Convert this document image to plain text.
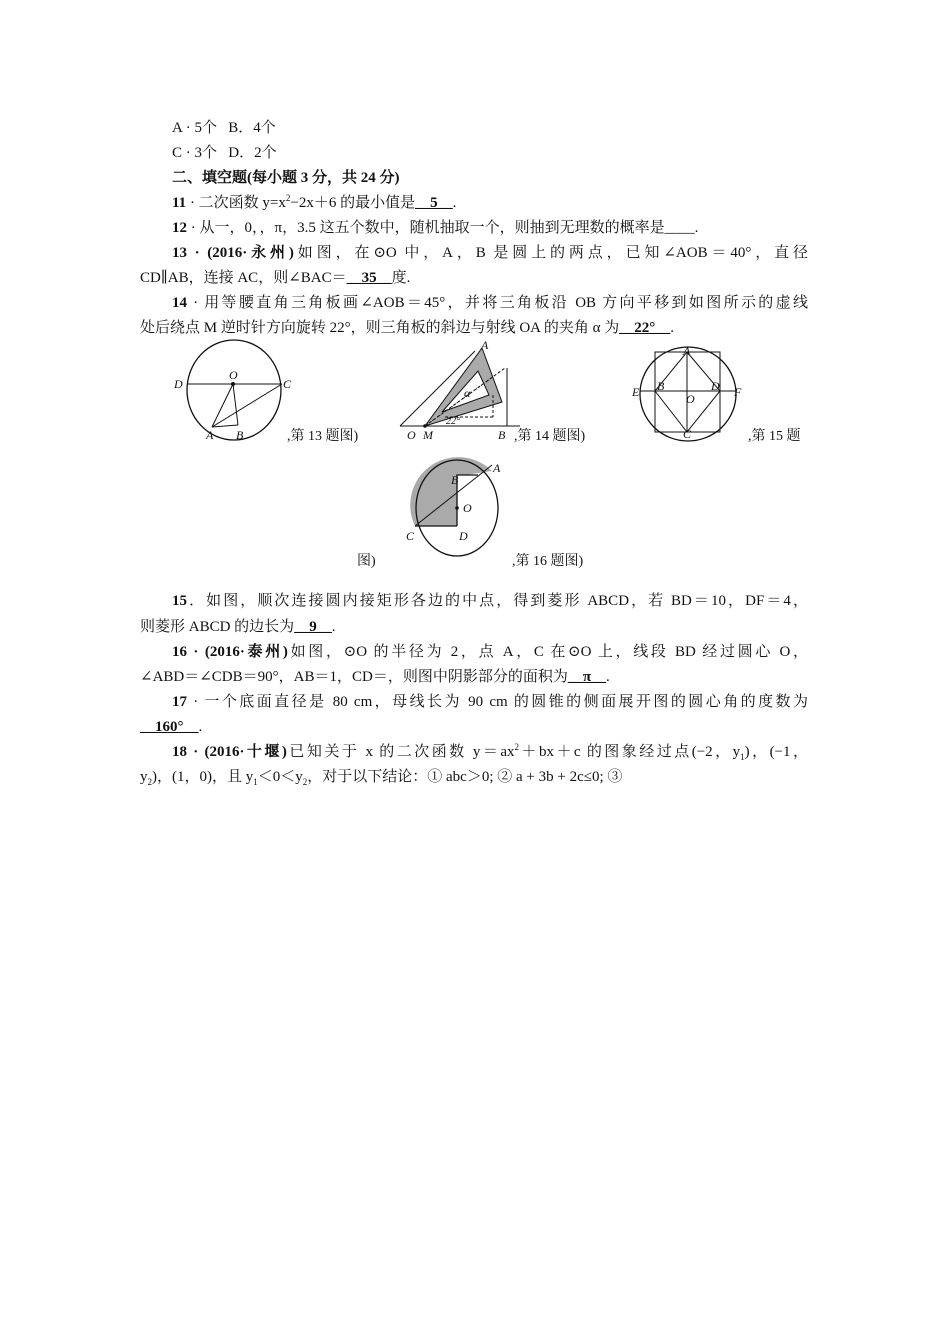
A · 5个 B．4个
C · 3个 D．2个
二、填空题(每小题 3 分，共 24 分)
11 · 二次函数 $y=x^2-2x+6$ 的最小值是__5__.
12 · 从一，0，，π，3.5 这五个数中，随机抽取一个，则抽到无理数的概率是____.
13 · (2016·永州)如图，在⊙O 中，A，B 是圆上的两点，已知∠AOB＝40°，直径
CD∥AB，连接 AC，则∠BAC＝__35__度.
14 · 用等腰直角三角板画∠AOB＝45°，并将三角板沿 OB 方向平移到如图所示的虚线
处后绕点 M 逆时针方向旋转 22°，则三角板的斜边与射线 OA 的夹角 α 为__22°__.
D
O
C
A B	,第 13 题图)
A
α
22°
O M	B ,第 14 题图)
A
E B	D F
O
C	,第 15 题
图)
A
B
O
C	D
,第 16 题图)
15．如图，顺次连接圆内接矩形各边的中点，得到菱形 ABCD，若 BD＝10，DF＝4，
则菱形 ABCD 的边长为__9__.
16 · (2016·泰州)如图，⊙O 的半径为 2，点 A，C 在⊙O 上，线段 BD 经过圆心 O，
∠ABD＝∠CDB＝90°，AB＝1，CD＝，则图中阴影部分的面积为__π__.
17 · 一个底面直径是 80 cm，母线长为 90 cm 的圆锥的侧面展开图的圆心角的度数为
__160°__.
18 · (2016·十堰)已知关于 x 的二次函数 $y=ax^2+bx+c$ 的图象经过点(−2，$y_1$)，(−1，
$y_2$)，(1，0)，且 $y_1<0<y_2$，对于以下结论：① abc＞0; ② a + 3b + 2c≤0; ③
